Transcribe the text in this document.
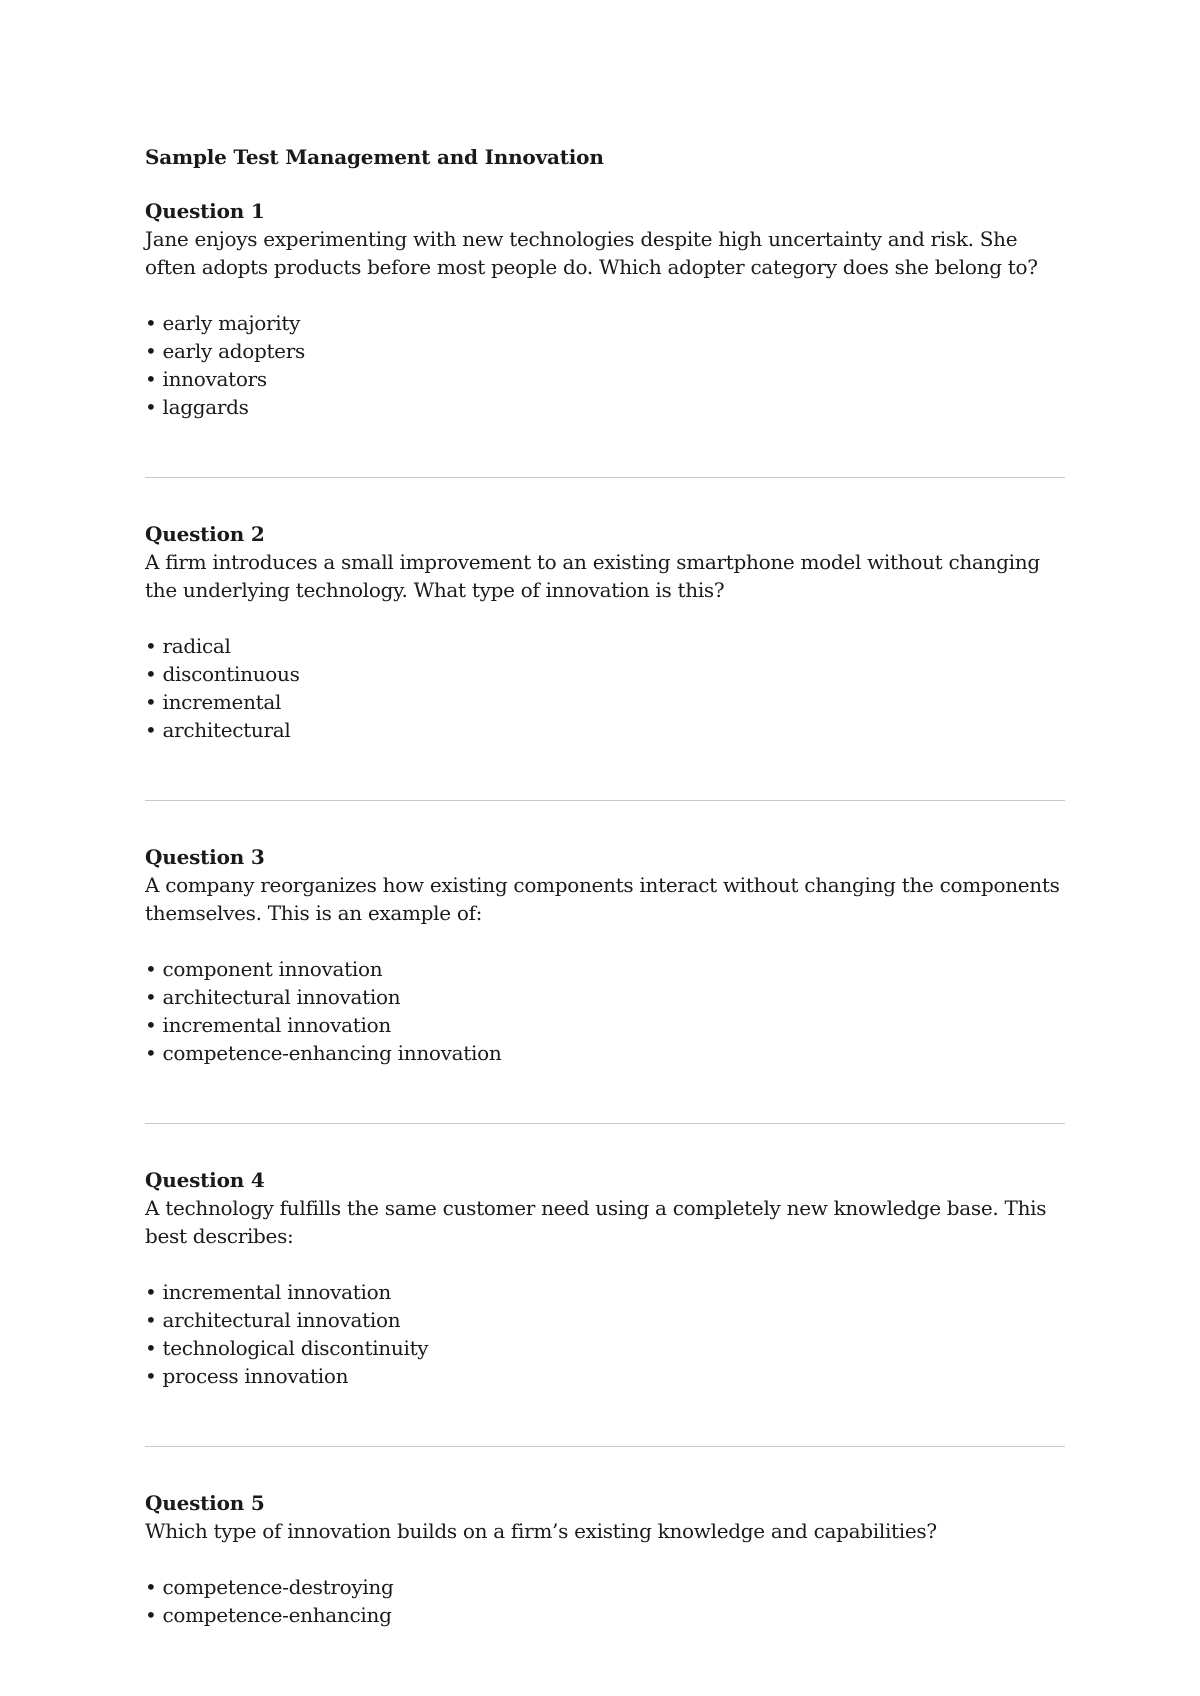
Sample Test Management and Innovation
Question 1
Jane enjoys experimenting with new technologies despite high uncertainty and risk. She often adopts products before most people do. Which adopter category does she belong to?
• early majority
• early adopters
• innovators
• laggards
Question 2
A firm introduces a small improvement to an existing smartphone model without changing the underlying technology. What type of innovation is this?
• radical
• discontinuous
• incremental
• architectural
Question 3
A company reorganizes how existing components interact without changing the components themselves. This is an example of:
• component innovation
• architectural innovation
• incremental innovation
• competence-enhancing innovation
Question 4
A technology fulfills the same customer need using a completely new knowledge base. This best describes:
• incremental innovation
• architectural innovation
• technological discontinuity
• process innovation
Question 5
Which type of innovation builds on a firm’s existing knowledge and capabilities?
• competence-destroying
• competence-enhancing
